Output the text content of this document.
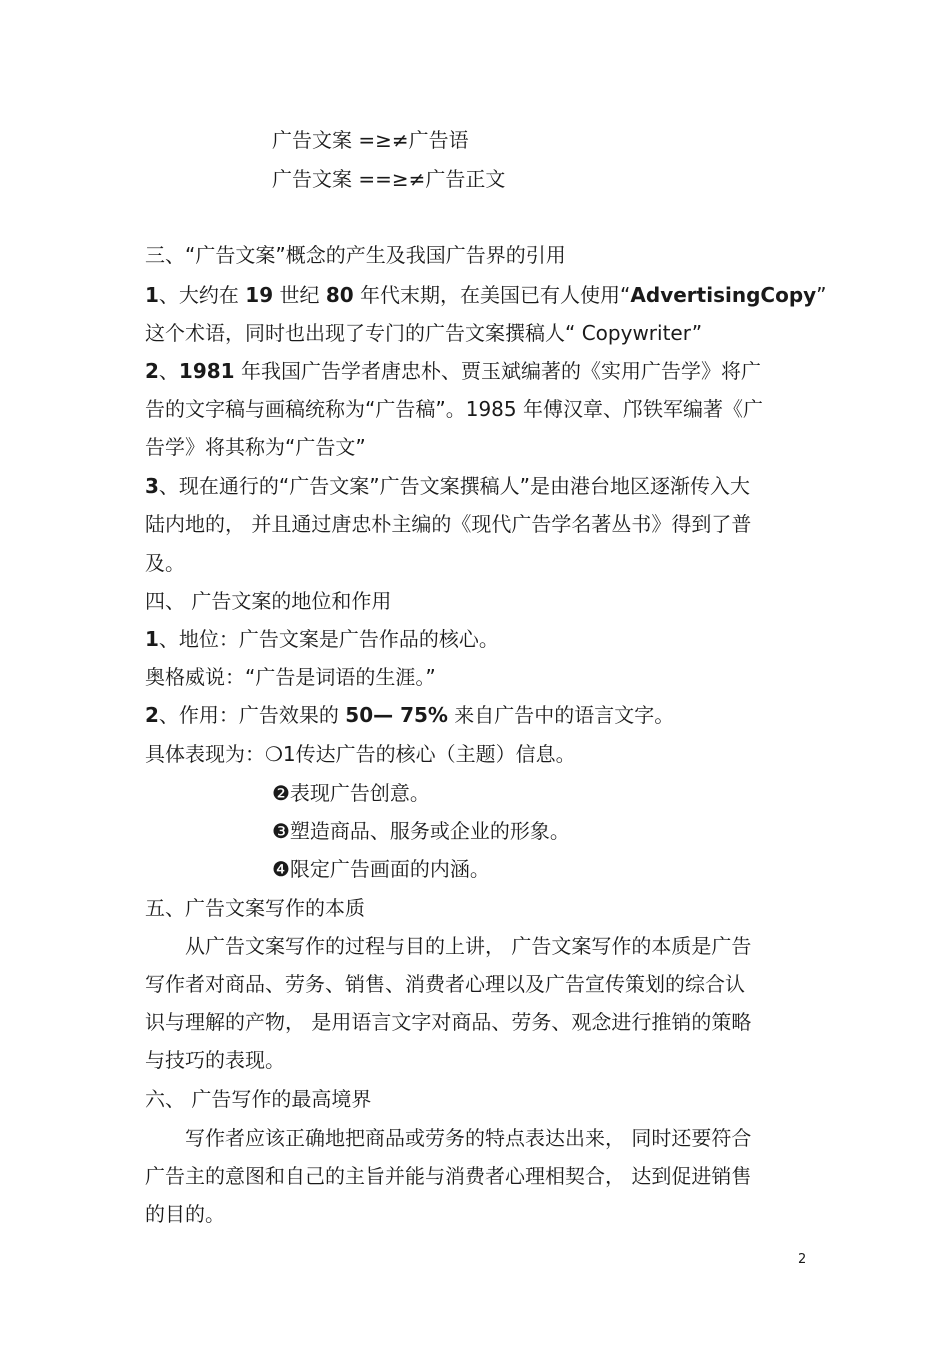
广告文案 =≥≠广告语
广告文案 ==≥≠广告正文
三、“广告文案”概念的产生及我国广告界的引用
1、大约在 19 世纪 80 年代末期，在美国已有人使用“AdvertisingCopy”
这个术语，同时也出现了专门的广告文案撰稿人“ Copywriter”
2、1981 年我国广告学者唐忠朴、贾玉斌编著的《实用广告学》将广
告的文字稿与画稿统称为“广告稿”。1985 年傅汉章、邝铁军编著《广
告学》将其称为“广告文”
3、现在通行的“广告文案”广告文案撰稿人”是由港台地区逐渐传入大
陆内地的， 并且通过唐忠朴主编的《现代广告学名著丛书》得到了普
及。
四、 广告文案的地位和作用
1、地位：广告文案是广告作品的核心。
奥格威说：“广告是词语的生涯。”
2、作用：广告效果的 50— 75% 来自广告中的语言文字。
具体表现为：❍1传达广告的核心（主题）信息。
❷表现广告创意。
❸塑造商品、服务或企业的形象。
❹限定广告画面的内涵。
五、广告文案写作的本质
从广告文案写作的过程与目的上讲， 广告文案写作的本质是广告
写作者对商品、劳务、销售、消费者心理以及广告宣传策划的综合认
识与理解的产物， 是用语言文字对商品、劳务、观念进行推销的策略
与技巧的表现。
六、 广告写作的最高境界
写作者应该正确地把商品或劳务的特点表达出来， 同时还要符合
广告主的意图和自己的主旨并能与消费者心理相契合， 达到促进销售
的目的。
2
